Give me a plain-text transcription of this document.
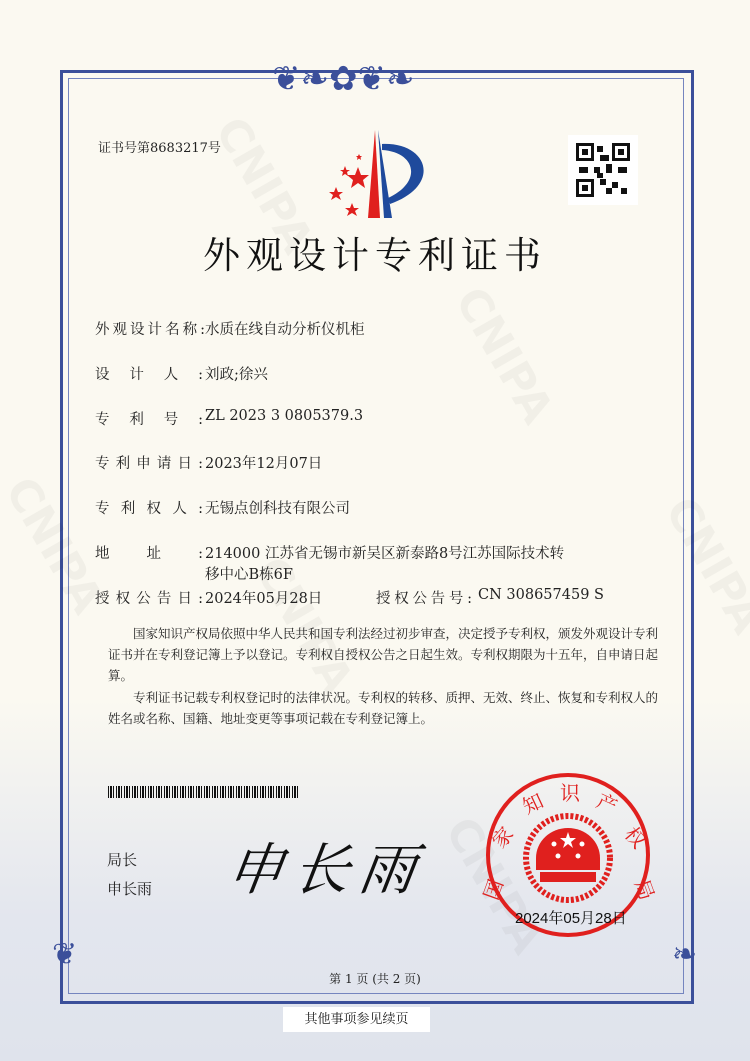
❦❧✿❦❧
❦	❧
证书号第8683217号
外观设计专利证书
外观设计名称: 水质在线自动分析仪机柜
设计人: 刘政;徐兴
专利号: ZL 2023 3 0805379.3
专利申请日: 2023年12月07日
专利权人: 无锡点创科技有限公司
地址: 214000 江苏省无锡市新吴区新泰路8号江苏国际技术转
移中心B栋6F
授权公告日: 2024年05月28日	授权公告号: CN 308657459 S
国家知识产权局依照中华人民共和国专利法经过初步审查，决定授予专利权，颁发外观设计专利证书并在专利登记簿上予以登记。专利权自授权公告之日起生效。专利权期限为十五年，自申请日起算。
专利证书记载专利权登记时的法律状况。专利权的转移、质押、无效、终止、恢复和专利权人的姓名或名称、国籍、地址变更等事项记载在专利登记簿上。
局长
申长雨 申长雨 国
家
知 识 产
权
局
2024年05月28日
第 1 页 (共 2 页)
其他事项参见续页
